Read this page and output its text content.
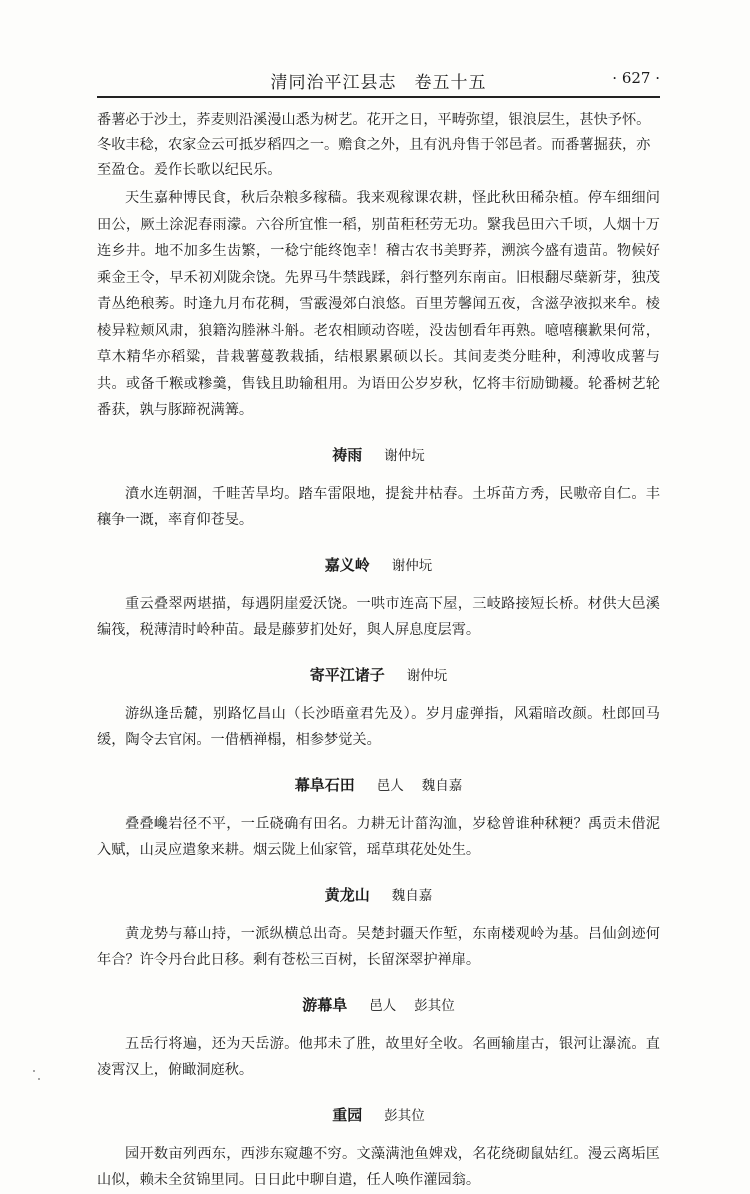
清同治平江县志　卷五十五	· 627 ·

番薯必于沙土，荞麦则沿溪漫山悉为树艺。花开之日，平畴弥望，银浪层生，甚快予怀。冬收丰稔，农家佥云可抵岁稻四之一。赡食之外，且有汎舟售于邻邑者。而番薯掘获，亦至盈仓。爰作长歌以纪民乐。

天生嘉种博民食，秋后杂粮多稼穑。我来观稼课农耕，怪此秋田稀杂植。停车细细问田公，厥土涂泥春雨濛。六谷所宜惟一稻，别苗秬秠劳无功。繄我邑田六千顷，人烟十万连乡井。地不加多生齿繁，一稔宁能终饱幸！稽古农书美野荞，溯滨今盛有遗苗。物候好乘金王令，早禾初刈陇余饶。先界马牛禁践蹂，斜行整列东南亩。旧根翻尽蘖新芽，独茂青丛绝稂莠。时逢九月布花稠，雪霰漫郊白浪悠。百里芳馨闻五夜，含滋孕液拟来牟。棱棱异粒颊风肃，狼籍沟塍淋斗斛。老农相顾动咨嗟，没齿刨看年再熟。噫嘻穰歉果何常，草木精华亦稻粱，昔栽薯蔓教栽插，结根累累硕以长。其间麦类分畦种，利溥收成薯与共。或备千糇或糁羹，售钱且助输租用。为语田公岁岁秋，忆将丰衍励锄耰。轮番树艺轮番获，孰与豚蹄祝满篝。

祷雨 谢仲坃

濆水连朝涸，千畦苦旱均。踏车雷限地，提瓮井枯春。土坼苗方秀，民嗷帝自仁。丰穰争一溉，率育仰苍旻。

嘉义岭 谢仲坃

重云叠翠两堪描，每遇阴崖爱沃饶。一哄市连高下屋，三岐路接短长桥。材供大邑溪编筏，税薄清时岭种苗。最是藤萝扪处好，與人屏息度层霄。

寄平江诸子 谢仲坃

游纵逢岳麓，别路忆昌山（长沙晤童君先及）。岁月虚弹指，风霜暗改颜。杜郎回马缓，陶令去官闲。一借栖禅榻，相参梦觉关。

幕阜石田 邑人 魏自嘉

叠叠巉岩径不平，一丘硗确有田名。力耕无计菑沟洫，岁稔曾谁种秫粳？禹贡未借泥入赋，山灵应遣象来耕。烟云陇上仙家管，瑶草琪花处处生。

黄龙山 魏自嘉

黄龙势与幕山持，一派纵横总出奇。吴楚封疆天作堑，东南楼观岭为基。吕仙剑迹何年合？许令丹台此日移。剩有苍松三百树，长留深翠护禅扉。

游幕阜 邑人 彭其位

五岳行将遍，还为天岳游。他邦未了胜，故里好全收。名画输崖古，银河让瀑流。直凌霄汉上，俯瞰洞庭秋。

重园 彭其位

园开数亩列西东，西涉东窥趣不穷。文藻满池鱼婢戏，名花绕砌鼠姑红。漫云离垢匡山似，赖未全贫锦里同。日日此中聊自遣，任人唤作灌园翁。
